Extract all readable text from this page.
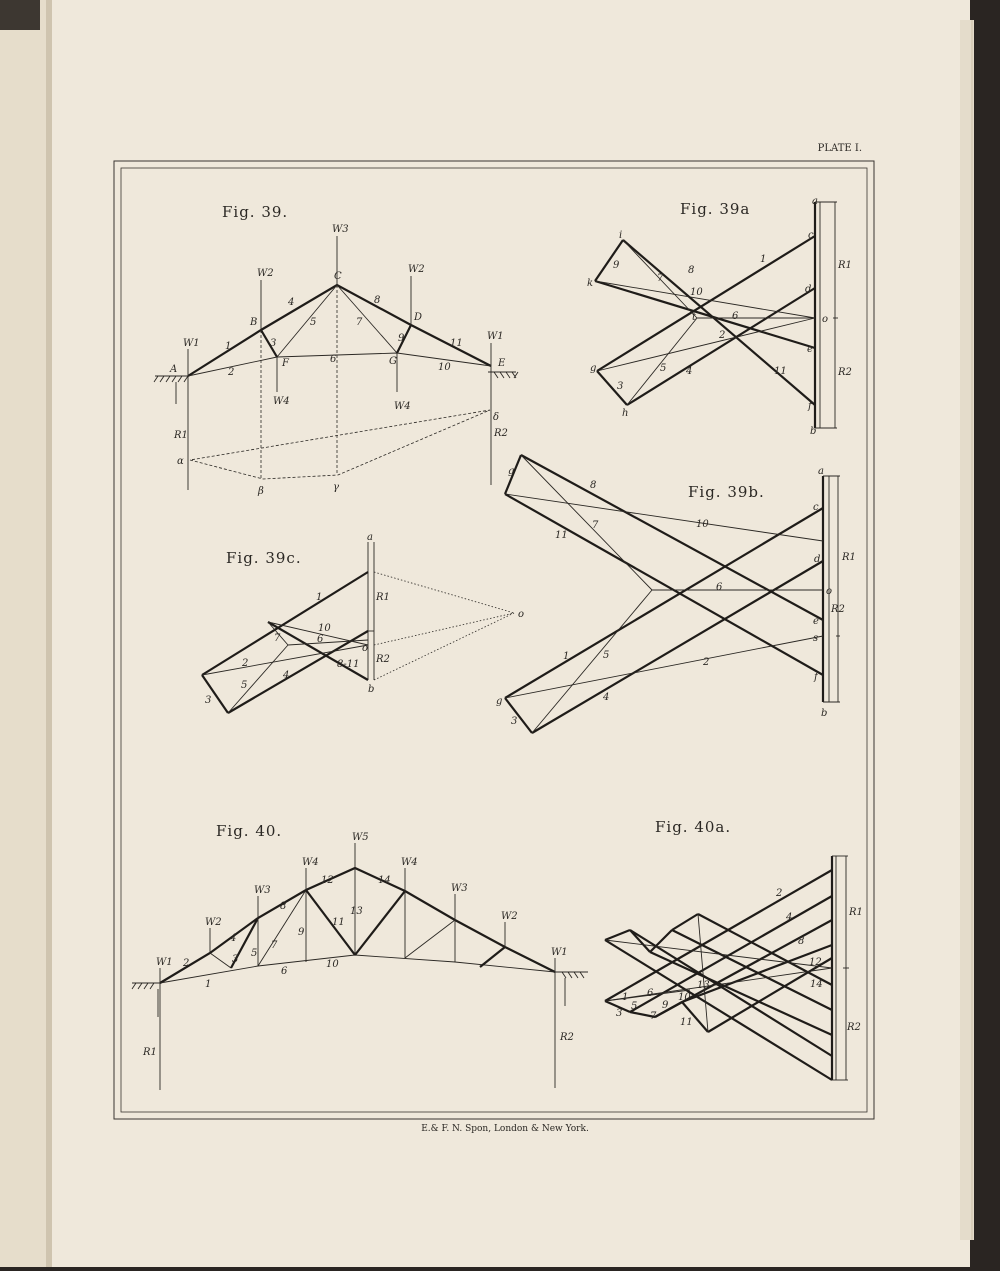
PLATE I.
E.& F. N. Spon, London & New York.
Fig. 39.
A
B
C
D
E
F	G
W1
W2
W3
W2
W1
W4	W4
1
2
3
4
5
6
7
8
9
10
11
R1	R2
α
β	γ
δ
Fig. 39a	a
c
d
o
e
f
b
i
k
t
g
h
9
7
8
1
10
6
2
5 4	11
3
R1
R2
Fig. 39b.
g	a
c
d
o
e
s
f
b
g
8
7
11
10
6
1	5
2
4
3
R1
R2
Fig. 39c.
a
o
o
b
1
10
7	6
2	8-11
5
4
3
R1
R2
Fig. 40.
W1
W2
W3
W4
W5
W4
W3
W2
W1
1
2	3
4
5
6
7
8
9
10
11
12
13
14
R1
R2
Fig. 40a.
2
4
8
12
14
1
3
5
6
7
9
10
11
13
R1
R2
